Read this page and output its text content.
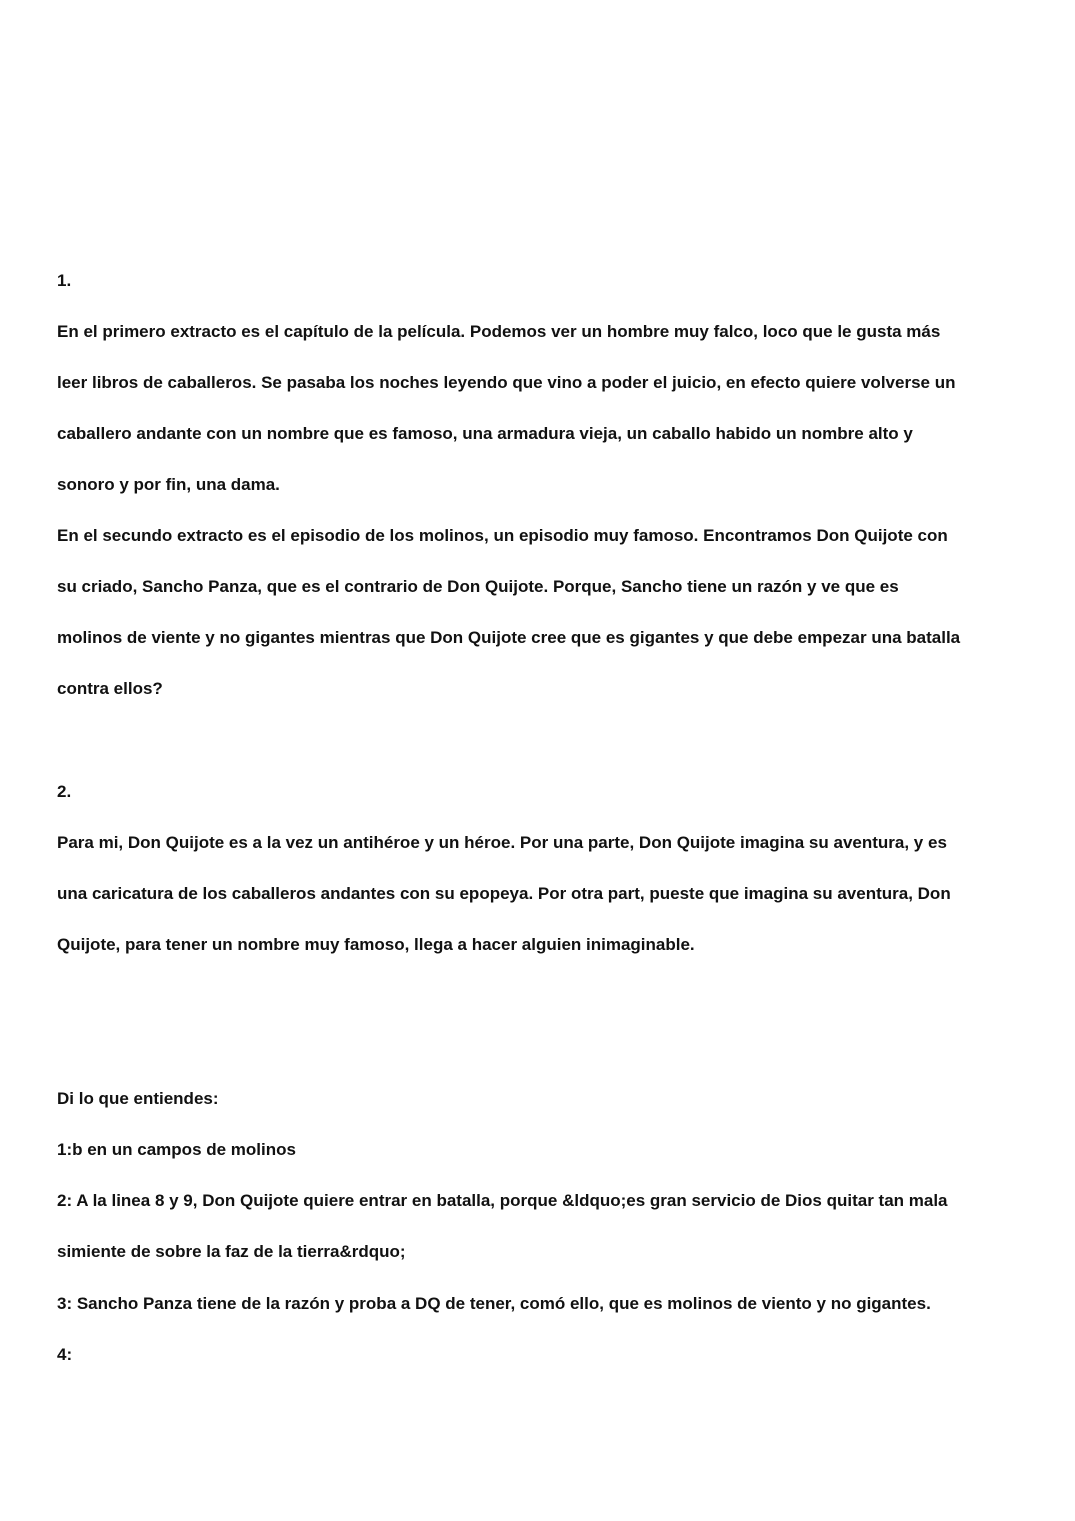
1.
En el primero extracto es el capítulo de la película. Podemos ver un hombre muy falco, loco que le gusta más
leer libros de caballeros. Se pasaba los noches leyendo que vino a poder el juicio, en efecto quiere volverse un
caballero andante con un nombre que es famoso, una armadura vieja, un caballo habido un nombre alto y
sonoro y por fin, una dama.
En el secundo extracto es el episodio de los molinos, un episodio muy famoso. Encontramos Don Quijote con
su criado, Sancho Panza, que es el contrario de Don Quijote. Porque, Sancho tiene un razón y ve que es
molinos de viente y no gigantes mientras que Don Quijote cree que es gigantes y que debe empezar una batalla
contra ellos?
2.
Para mi, Don Quijote es a la vez un antihéroe y un héroe. Por una parte, Don Quijote imagina su aventura, y es
una caricatura de los caballeros andantes con su epopeya. Por otra part, pueste que imagina su aventura, Don
Quijote, para tener un nombre muy famoso, llega a hacer alguien inimaginable.
Di lo que entiendes:
1:b en un campos de molinos
2: A la linea 8 y 9, Don Quijote quiere entrar en batalla, porque &ldquo;es gran servicio de Dios quitar tan mala
simiente de sobre la faz de la tierra&rdquo;
3: Sancho Panza tiene de la razón y proba a DQ de tener, comó ello, que es molinos de viento y no gigantes.
4:
